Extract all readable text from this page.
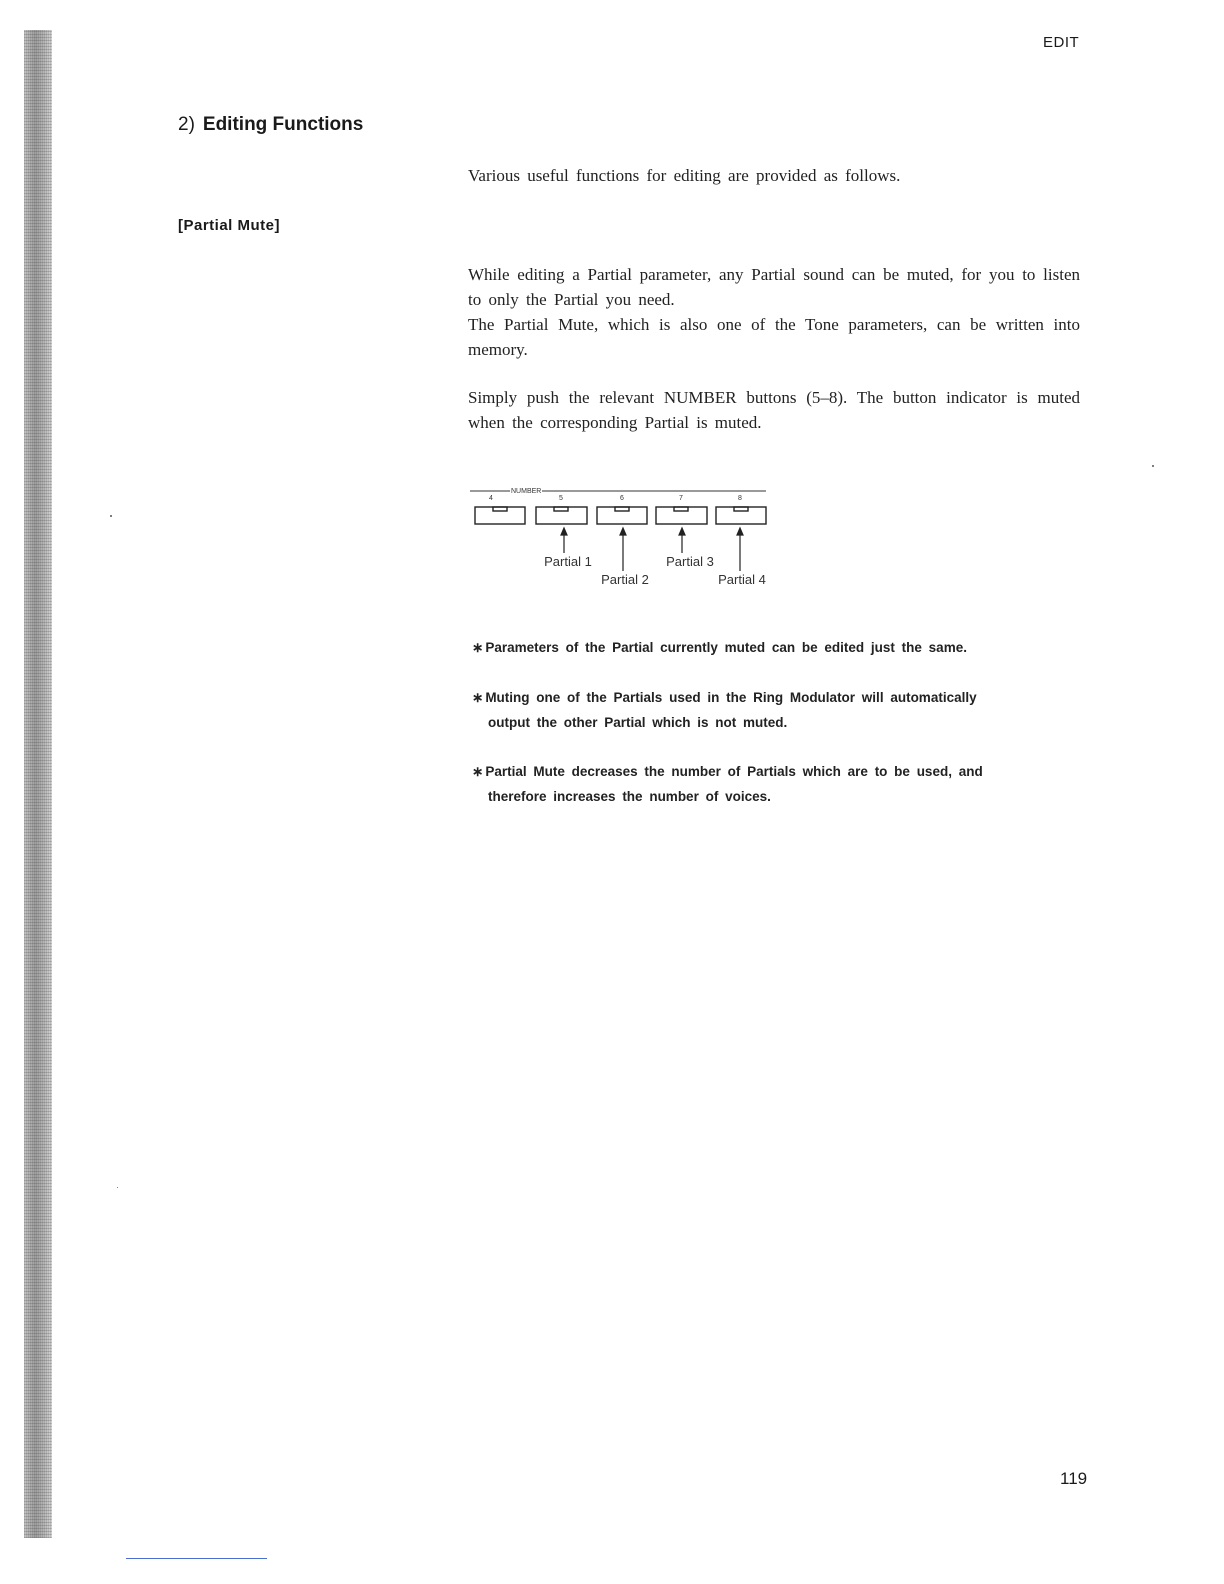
EDIT
2) Editing Functions
Various useful functions for editing are provided as follows.
[Partial Mute]
While editing a Partial parameter, any Partial sound can be muted, for you to listen to only the Partial you need.
The Partial Mute, which is also one of the Tone parameters, can be written into memory.
Simply push the relevant NUMBER buttons (5–8). The button indicator is muted when the corresponding Partial is muted.
NUMBER
4	5	6	7	8
Partial 1
Partial 2
Partial 3
Partial 4
∗ Parameters of the Partial currently muted can be edited just the same.
∗ Muting one of the Partials used in the Ring Modulator will automatically
output the other Partial which is not muted.
∗ Partial Mute decreases the number of Partials which are to be used, and
therefore increases the number of voices.
119
